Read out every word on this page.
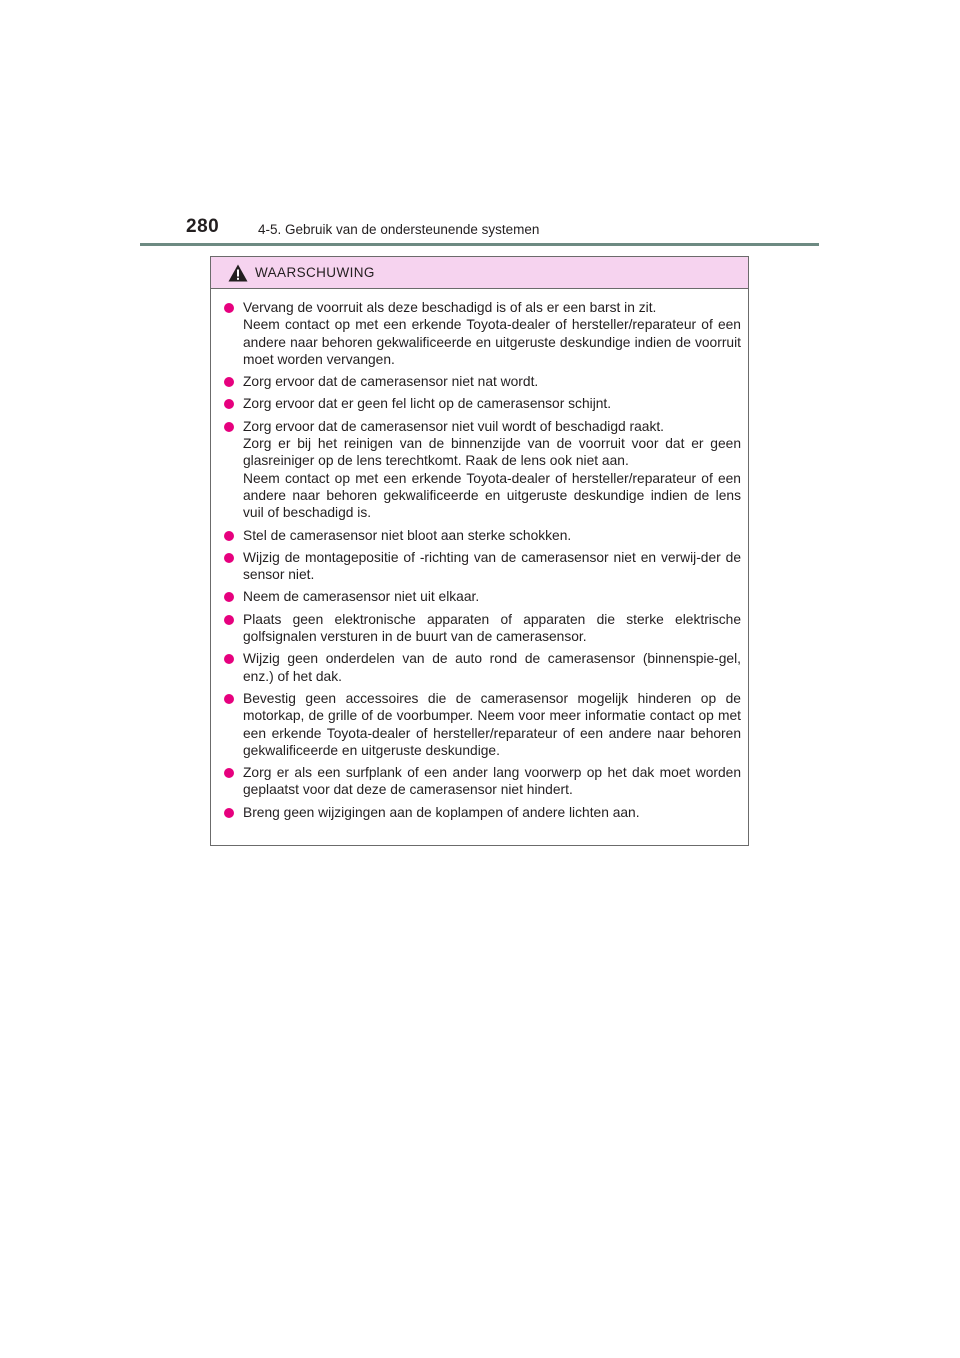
280	4-5. Gebruik van de ondersteunende systemen
WAARSCHUWING
Vervang de voorruit als deze beschadigd is of als er een barst in zit.
Neem contact op met een erkende Toyota-dealer of hersteller/reparateur of een andere naar behoren gekwalificeerde en uitgeruste deskundige indien de voorruit moet worden vervangen.
Zorg ervoor dat de camerasensor niet nat wordt.
Zorg ervoor dat er geen fel licht op de camerasensor schijnt.
Zorg ervoor dat de camerasensor niet vuil wordt of beschadigd raakt.
Zorg er bij het reinigen van de binnenzijde van de voorruit voor dat er geen glasreiniger op de lens terechtkomt. Raak de lens ook niet aan.
Neem contact op met een erkende Toyota-dealer of hersteller/reparateur of een andere naar behoren gekwalificeerde en uitgeruste deskundige indien de lens vuil of beschadigd is.
Stel de camerasensor niet bloot aan sterke schokken.
Wijzig de montagepositie of -richting van de camerasensor niet en verwij-der de sensor niet.
Neem de camerasensor niet uit elkaar.
Plaats geen elektronische apparaten of apparaten die sterke elektrische golfsignalen versturen in de buurt van de camerasensor.
Wijzig geen onderdelen van de auto rond de camerasensor (binnenspie-gel, enz.) of het dak.
Bevestig geen accessoires die de camerasensor mogelijk hinderen op de motorkap, de grille of de voorbumper. Neem voor meer informatie contact op met een erkende Toyota-dealer of hersteller/reparateur of een andere naar behoren gekwalificeerde en uitgeruste deskundige.
Zorg er als een surfplank of een ander lang voorwerp op het dak moet worden geplaatst voor dat deze de camerasensor niet hindert.
Breng geen wijzigingen aan de koplampen of andere lichten aan.
